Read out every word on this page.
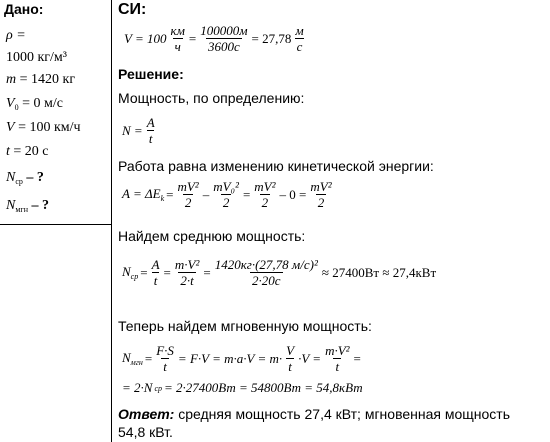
Дано:
ρ =
1000 кг/м³
m = 1420 кг
$V_0 = 0$ м/с
V = 100 км/ч
t = 20 с
$N_{ср}$ – ?
$N_{мгн}$ – ?
СИ:
$V = 100 \frac{км}{ч} = \frac{100000м}{3600с} = 27,78 \frac{м}{с}$
Решение:
Мощность, по определению:
$N = \frac{A}{t}$
Работа равна изменению кинетической энергии:
$A = \Delta E_k = \frac{\text{mV²}}{2} - \frac{\text{mV₀²}}{2} = \frac{\text{mV²}}{2} - 0 = \frac{\text{mV²}}{2}$
Найдем среднюю мощность:
$N_{ср} = \frac{A}{t} = \frac{\text{m·V²}}{2\cdot t} = \frac{\text{1420кг·(27,78 м/с)²}}{2\cdot 20с} \approx 27400Вт \approx 27,4кВт$
Теперь найдем мгновенную мощность:
$N_{мгн} = \frac{F\cdot S}{t} = F\cdot V = m\cdot a\cdot V = m\cdot \frac{V}{t} \cdot V = \frac{\text{m·V²}}{t}$ =
= 2·N ср = 2·27400Вт = 54800Вт = 54,8кВт
Ответ: средняя мощность 27,4 кВт; мгновенная мощность
54,8 кВт.
